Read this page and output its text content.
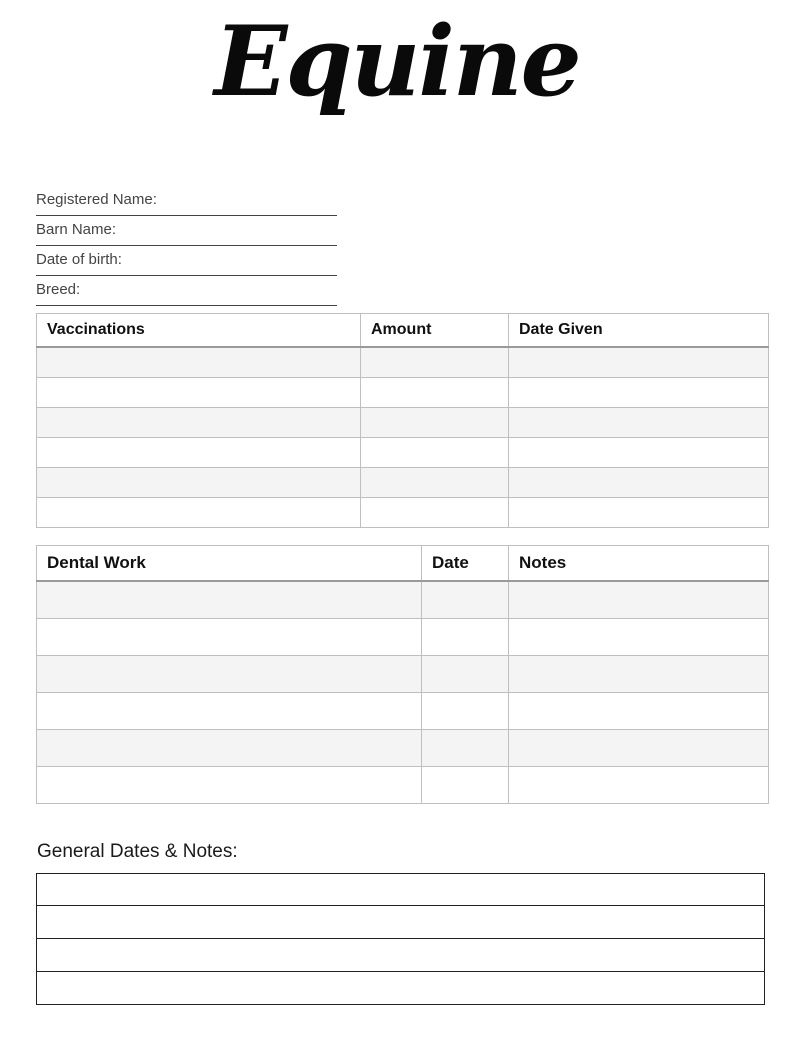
Equine
Registered Name:
Barn Name:
Date of birth:
Breed:
Vaccinations	Amount	Date Given

Dental Work	Date	Notes

General Dates & Notes:
